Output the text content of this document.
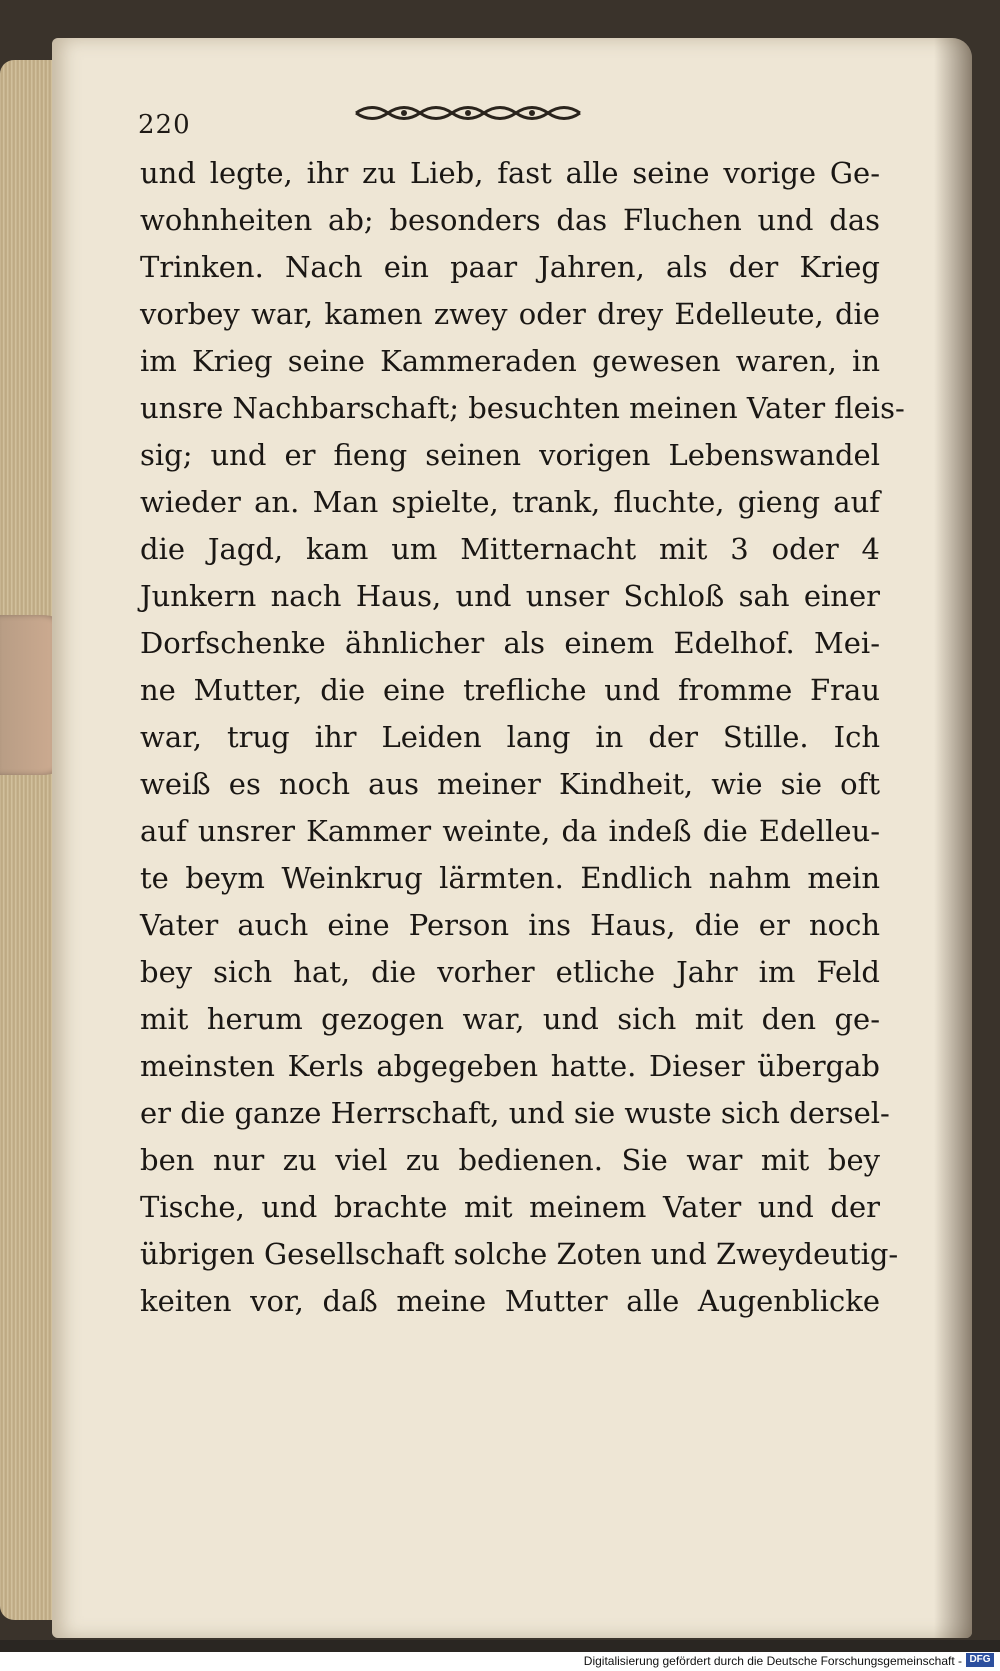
220
und legte, ihr zu Lieb, fast alle seine vorige Ge-
wohnheiten ab; besonders das Fluchen und das
Trinken. Nach ein paar Jahren, als der Krieg
vorbey war, kamen zwey oder drey Edelleute, die
im Krieg seine Kammeraden gewesen waren, in
unsre Nachbarschaft; besuchten meinen Vater fleis-
sig; und er fieng seinen vorigen Lebenswandel
wieder an. Man spielte, trank, fluchte, gieng auf
die Jagd, kam um Mitternacht mit 3 oder 4
Junkern nach Haus, und unser Schloß sah einer
Dorfschenke ähnlicher als einem Edelhof. Mei-
ne Mutter, die eine trefliche und fromme Frau
war, trug ihr Leiden lang in der Stille. Ich
weiß es noch aus meiner Kindheit, wie sie oft
auf unsrer Kammer weinte, da indeß die Edelleu-
te beym Weinkrug lärmten. Endlich nahm mein
Vater auch eine Person ins Haus, die er noch
bey sich hat, die vorher etliche Jahr im Feld
mit herum gezogen war, und sich mit den ge-
meinsten Kerls abgegeben hatte. Dieser übergab
er die ganze Herrschaft, und sie wuste sich dersel-
ben nur zu viel zu bedienen. Sie war mit bey
Tische, und brachte mit meinem Vater und der
übrigen Gesellschaft solche Zoten und Zweydeutig-
keiten vor, daß meine Mutter alle Augenblicke
Digitalisierung gefördert durch die Deutsche Forschungsgemeinschaft - DFG
